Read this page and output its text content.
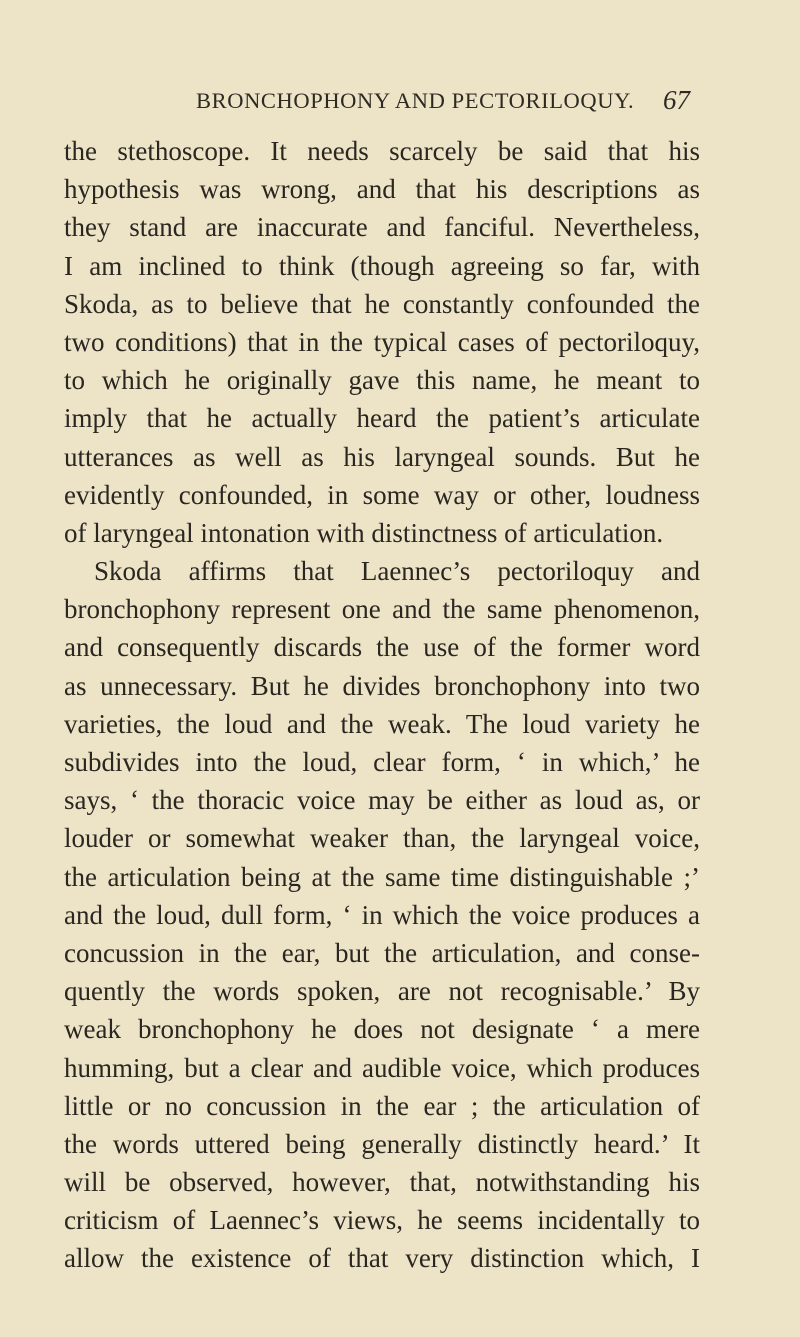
BRONCHOPHONY AND PECTORILOQUY. 67
the stethoscope. It needs scarcely be said that his
hypothesis was wrong, and that his descriptions as
they stand are inaccurate and fanciful. Nevertheless,
I am inclined to think (though agreeing so far, with
Skoda, as to believe that he constantly confounded the
two conditions) that in the typical cases of pectoriloquy,
to which he originally gave this name, he meant to
imply that he actually heard the patient’s articulate
utterances as well as his laryngeal sounds. But he
evidently confounded, in some way or other, loudness
of laryngeal intonation with distinctness of articulation.
Skoda affirms that Laennec’s pectoriloquy and
bronchophony represent one and the same phenomenon,
and consequently discards the use of the former word
as unnecessary. But he divides bronchophony into two
varieties, the loud and the weak. The loud variety he
subdivides into the loud, clear form, ‘ in which,’ he
says, ‘ the thoracic voice may be either as loud as, or
louder or somewhat weaker than, the laryngeal voice,
the articulation being at the same time distinguishable ;’
and the loud, dull form, ‘ in which the voice produces a
concussion in the ear, but the articulation, and conse-
quently the words spoken, are not recognisable.’ By
weak bronchophony he does not designate ‘ a mere
humming, but a clear and audible voice, which produces
little or no concussion in the ear ; the articulation of
the words uttered being generally distinctly heard.’ It
will be observed, however, that, notwithstanding his
criticism of Laennec’s views, he seems incidentally to
allow the existence of that very distinction which, I
